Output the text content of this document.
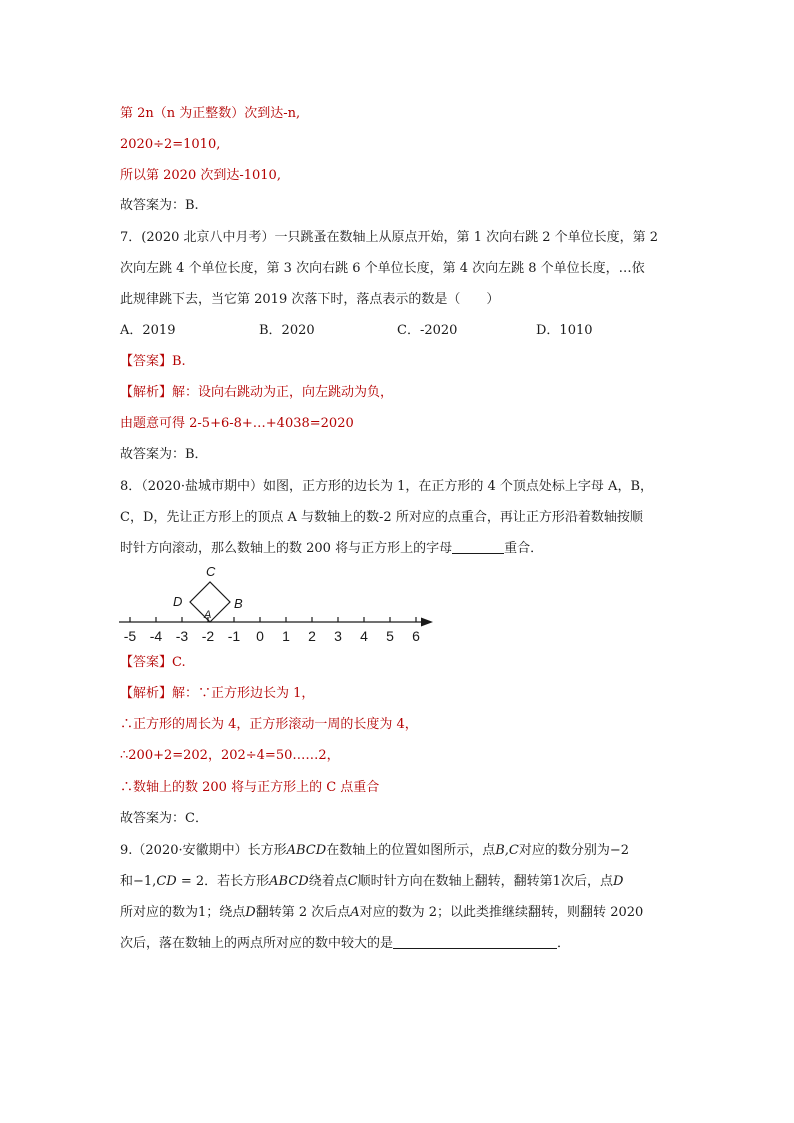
第 2n（n 为正整数）次到达-n,
2020÷2=1010,
所以第 2020 次到达-1010,
故答案为：B.
7．(2020 北京八中月考）一只跳蚤在数轴上从原点开始，第 1 次向右跳 2 个单位长度，第 2
次向左跳 4 个单位长度，第 3 次向右跳 6 个单位长度，第 4 次向左跳 8 个单位长度，…依
此规律跳下去，当它第 2019 次落下时，落点表示的数是（　　）
A．2019	B．2020	C．-2020	D．1010
【答案】B.
【解析】解：设向右跳动为正，向左跳动为负，
由题意可得 2-5+6-8+…+4038=2020
故答案为：B．
8．（2020·盐城市期中）如图，正方形的边长为 1，在正方形的 4 个顶点处标上字母 A，B，
C，D，先让正方形上的顶点 A 与数轴上的数-2 所对应的点重合，再让正方形沿着数轴按顺
时针方向滚动，那么数轴上的数 200 将与正方形上的字母	重合．
-5 -4 -3 -2 -1 0 1 2 3 4 5 6
C
D	B
A
【答案】C.
【解析】解：∵正方形边长为 1，
∴正方形的周长为 4，正方形滚动一周的长度为 4，
∴200+2=202，202÷4=50……2，
∴数轴上的数 200 将与正方形上的 C 点重合
故答案为：C．
9.（2020·安徽期中）长方形ABCD在数轴上的位置如图所示，点B,C对应的数分别为−2
和−1,CD = 2．若长方形ABCD绕着点C顺时针方向在数轴上翻转，翻转第1次后，点D
所对应的数为1；绕点D翻转第 2 次后点A对应的数为 2；以此类推继续翻转，则翻转 2020
次后，落在数轴上的两点所对应的数中较大的是	．
